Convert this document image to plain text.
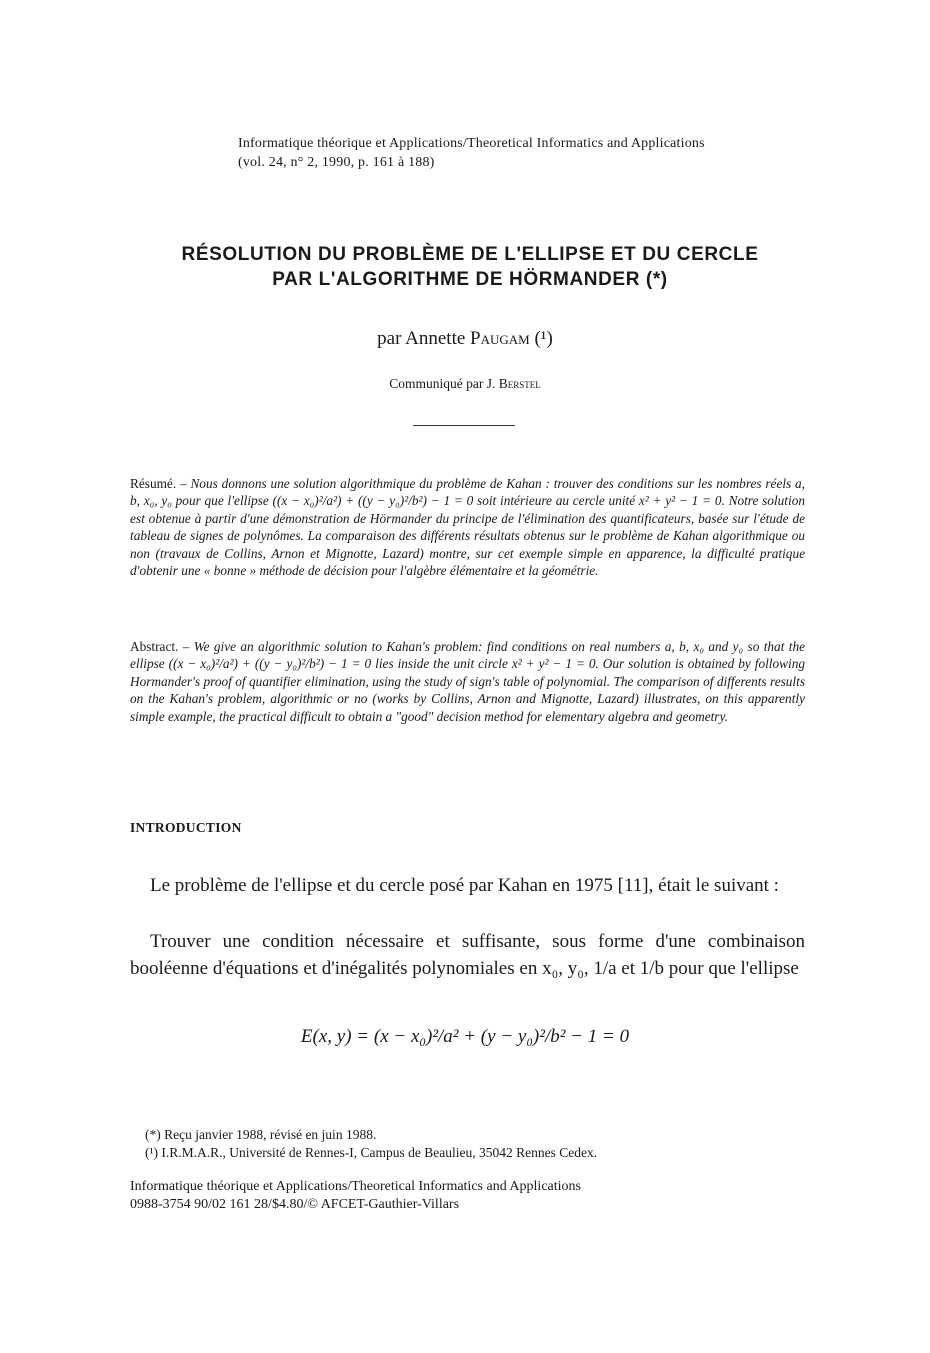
Informatique théorique et Applications/Theoretical Informatics and Applications
(vol. 24, n° 2, 1990, p. 161 à 188)
RÉSOLUTION DU PROBLÈME DE L'ELLIPSE ET DU CERCLE
PAR L'ALGORITHME DE HÖRMANDER (*)
par Annette Paugam (¹)
Communiqué par J. Berstel
Résumé. – Nous donnons une solution algorithmique du problème de Kahan : trouver des conditions sur les nombres réels a, b, x₀, y₀ pour que l'ellipse ((x − x₀)²/a²) + ((y − y₀)²/b²) − 1 = 0 soit intérieure au cercle unité x² + y² − 1 = 0. Notre solution est obtenue à partir d'une démonstration de Hörmander du principe de l'élimination des quantificateurs, basée sur l'étude de tableau de signes de polynômes. La comparaison des différents résultats obtenus sur le problème de Kahan algorithmique ou non (travaux de Collins, Arnon et Mignotte, Lazard) montre, sur cet exemple simple en apparence, la difficulté pratique d'obtenir une « bonne » méthode de décision pour l'algèbre élémentaire et la géométrie.
Abstract. – We give an algorithmic solution to Kahan's problem: find conditions on real numbers a, b, x₀ and y₀ so that the ellipse ((x − x₀)²/a²) + ((y − y₀)²/b²) − 1 = 0 lies inside the unit circle x² + y² − 1 = 0. Our solution is obtained by following Hormander's proof of quantifier elimination, using the study of sign's table of polynomial. The comparison of differents results on the Kahan's problem, algorithmic or no (works by Collins, Arnon and Mignotte, Lazard) illustrates, on this apparently simple example, the practical difficult to obtain a "good" decision method for elementary algebra and geometry.
INTRODUCTION
Le problème de l'ellipse et du cercle posé par Kahan en 1975 [11], était le suivant :
Trouver une condition nécessaire et suffisante, sous forme d'une combinaison booléenne d'équations et d'inégalités polynomiales en x₀, y₀, 1/a et 1/b pour que l'ellipse
E(x, y) = (x − x₀)²/a² + (y − y₀)²/b² − 1 = 0
(*) Reçu janvier 1988, révisé en juin 1988.
(¹) I.R.M.A.R., Université de Rennes-I, Campus de Beaulieu, 35042 Rennes Cedex.
Informatique théorique et Applications/Theoretical Informatics and Applications
0988-3754 90/02 161 28/$4.80/© AFCET-Gauthier-Villars
